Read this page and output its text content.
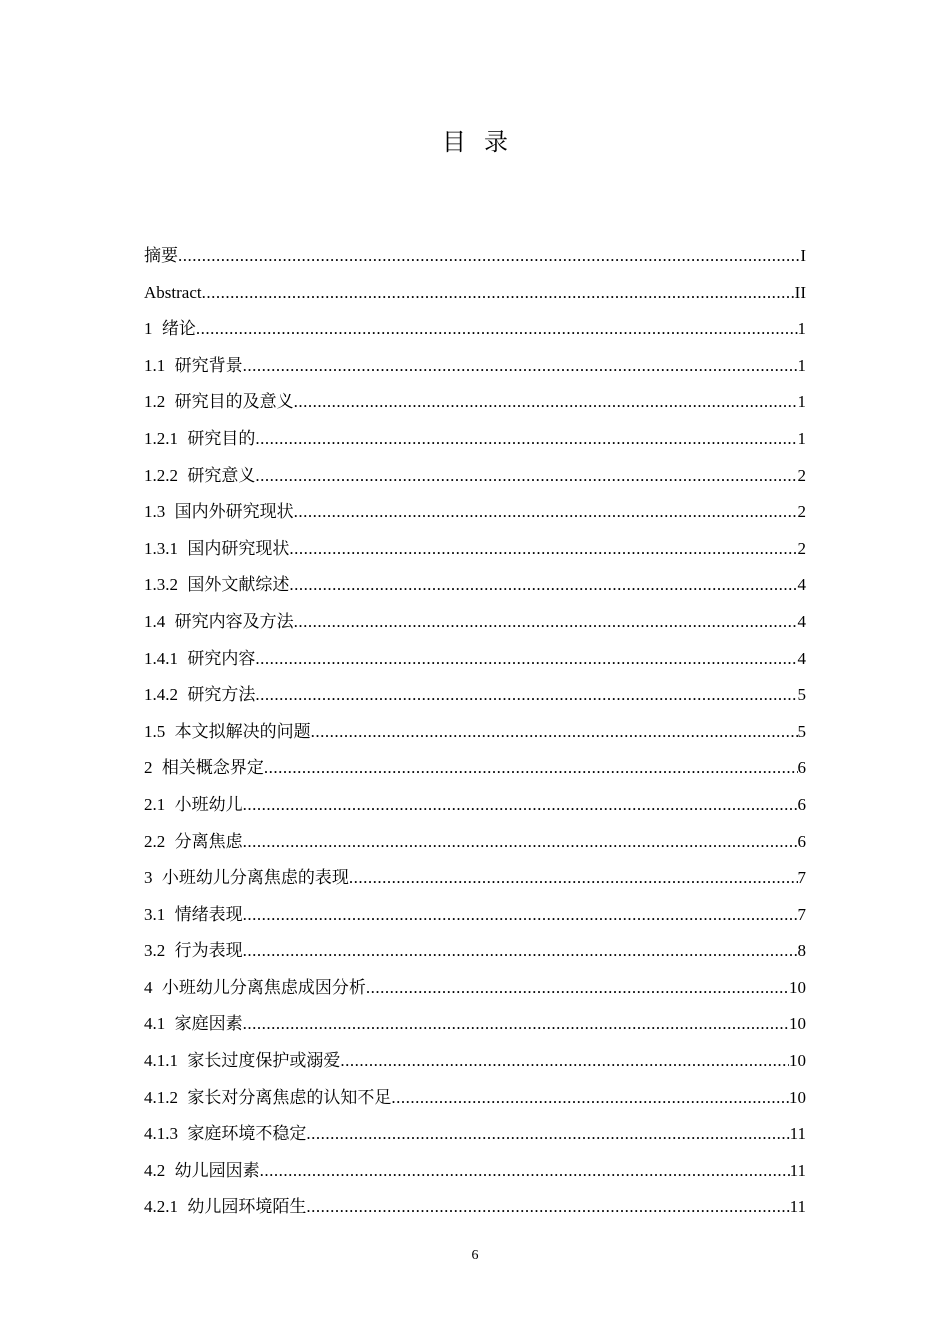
目录
摘要 .....	I
Abstract .....	II
1 绪论 .....	1
1.1 研究背景 .....	1
1.2 研究目的及意义 .....	1
1.2.1 研究目的 .....	1
1.2.2 研究意义 .....	2
1.3 国内外研究现状 .....	2
1.3.1 国内研究现状 .....	2
1.3.2 国外文献综述 .....	4
1.4 研究内容及方法 .....	4
1.4.1 研究内容 .....	4
1.4.2 研究方法 .....	5
1.5 本文拟解决的问题 .....	5
2 相关概念界定 .....	6
2.1 小班幼儿 .....	6
2.2 分离焦虑 .....	6
3 小班幼儿分离焦虑的表现 .....	7
3.1 情绪表现 .....	7
3.2 行为表现 .....	8
4 小班幼儿分离焦虑成因分析 .....	10
4.1 家庭因素 .....	10
4.1.1 家长过度保护或溺爱 .....	10
4.1.2 家长对分离焦虑的认知不足 .....	10
4.1.3 家庭环境不稳定 .....	11
4.2 幼儿园因素 .....	11
4.2.1 幼儿园环境陌生 .....	11
6
